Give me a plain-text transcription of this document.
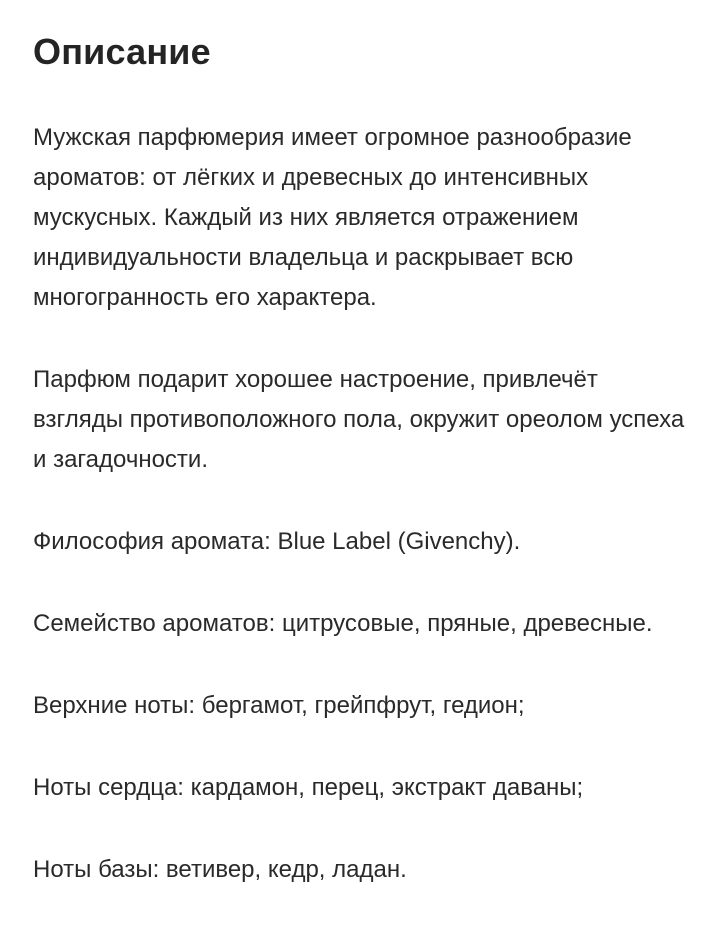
Описание

Мужская парфюмерия имеет огромное разнообразие ароматов: от лёгких и древесных до интенсивных мускусных. Каждый из них является отражением индивидуальности владельца и раскрывает всю многогранность его характера.

Парфюм подарит хорошее настроение, привлечёт взгляды противоположного пола, окружит ореолом успеха и загадочности.

Философия аромата: Blue Label (Givenchy).

Семейство ароматов: цитрусовые, пряные, древесные.

Верхние ноты: бергамот, грейпфрут, гедион;

Ноты сердца: кардамон, перец, экстракт даваны;

Ноты базы: ветивер, кедр, ладан.
